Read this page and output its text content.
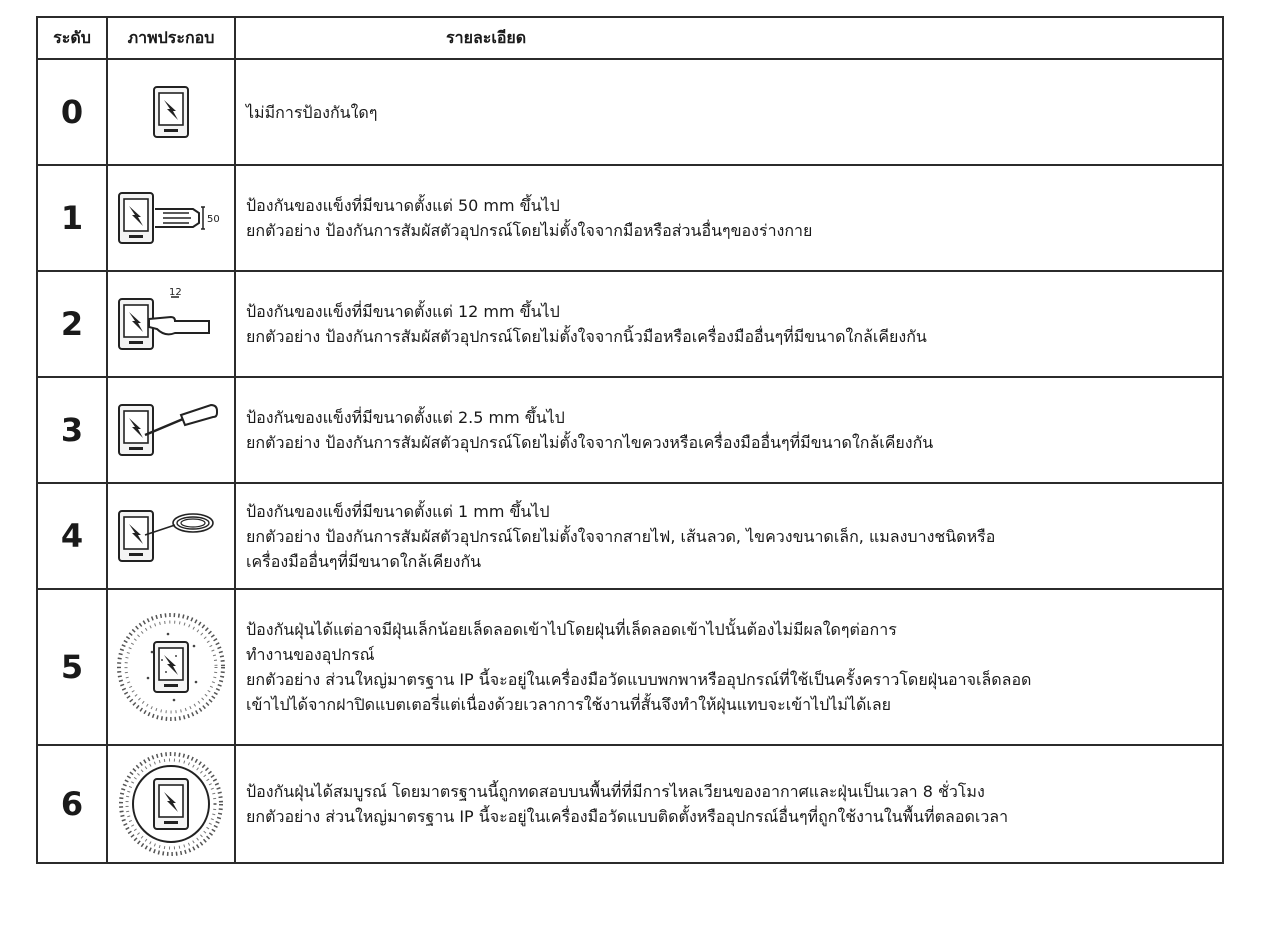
ระดับ	ภาพประกอบ	รายละเอียด
0		ไม่มีการป้องกันใดๆ

1	50	ป้องกันของแข็งที่มีขนาดตั้งแต่ 50 mm ขึ้นไป
ยกตัวอย่าง ป้องกันการสัมผัสตัวอุปกรณ์โดยไม่ตั้งใจจากมือหรือส่วนอื่นๆของร่างกาย

2	12	ป้องกันของแข็งที่มีขนาดตั้งแต่ 12 mm ขึ้นไป
ยกตัวอย่าง ป้องกันการสัมผัสตัวอุปกรณ์โดยไม่ตั้งใจจากนิ้วมือหรือเครื่องมืออื่นๆที่มีขนาดใกล้เคียงกัน

3		ป้องกันของแข็งที่มีขนาดตั้งแต่ 2.5 mm ขึ้นไป
ยกตัวอย่าง ป้องกันการสัมผัสตัวอุปกรณ์โดยไม่ตั้งใจจากไขควงหรือเครื่องมืออื่นๆที่มีขนาดใกล้เคียงกัน

4		ป้องกันของแข็งที่มีขนาดตั้งแต่ 1 mm ขึ้นไป
ยกตัวอย่าง ป้องกันการสัมผัสตัวอุปกรณ์โดยไม่ตั้งใจจากสายไฟ, เส้นลวด, ไขควงขนาดเล็ก, แมลงบางชนิดหรือ
เครื่องมืออื่นๆที่มีขนาดใกล้เคียงกัน

5		ป้องกันฝุ่นได้แต่อาจมีฝุ่นเล็กน้อยเล็ดลอดเข้าไปโดยฝุ่นที่เล็ดลอดเข้าไปนั้นต้องไม่มีผลใดๆต่อการ
ทำงานของอุปกรณ์
ยกตัวอย่าง ส่วนใหญ่มาตรฐาน IP นี้จะอยู่ในเครื่องมือวัดแบบพกพาหรืออุปกรณ์ที่ใช้เป็นครั้งคราวโดยฝุ่นอาจเล็ดลอด
เข้าไปได้จากฝาปิดแบตเตอรี่แต่เนื่องด้วยเวลาการใช้งานที่สั้นจึงทำให้ฝุ่นแทบจะเข้าไปไม่ได้เลย

6		ป้องกันฝุ่นได้สมบูรณ์ โดยมาตรฐานนี้ถูกทดสอบบนพื้นที่ที่มีการไหลเวียนของอากาศและฝุ่นเป็นเวลา 8 ชั่วโมง
ยกตัวอย่าง ส่วนใหญ่มาตรฐาน IP นี้จะอยู่ในเครื่องมือวัดแบบติดตั้งหรืออุปกรณ์อื่นๆที่ถูกใช้งานในพื้นที่ตลอดเวลา
